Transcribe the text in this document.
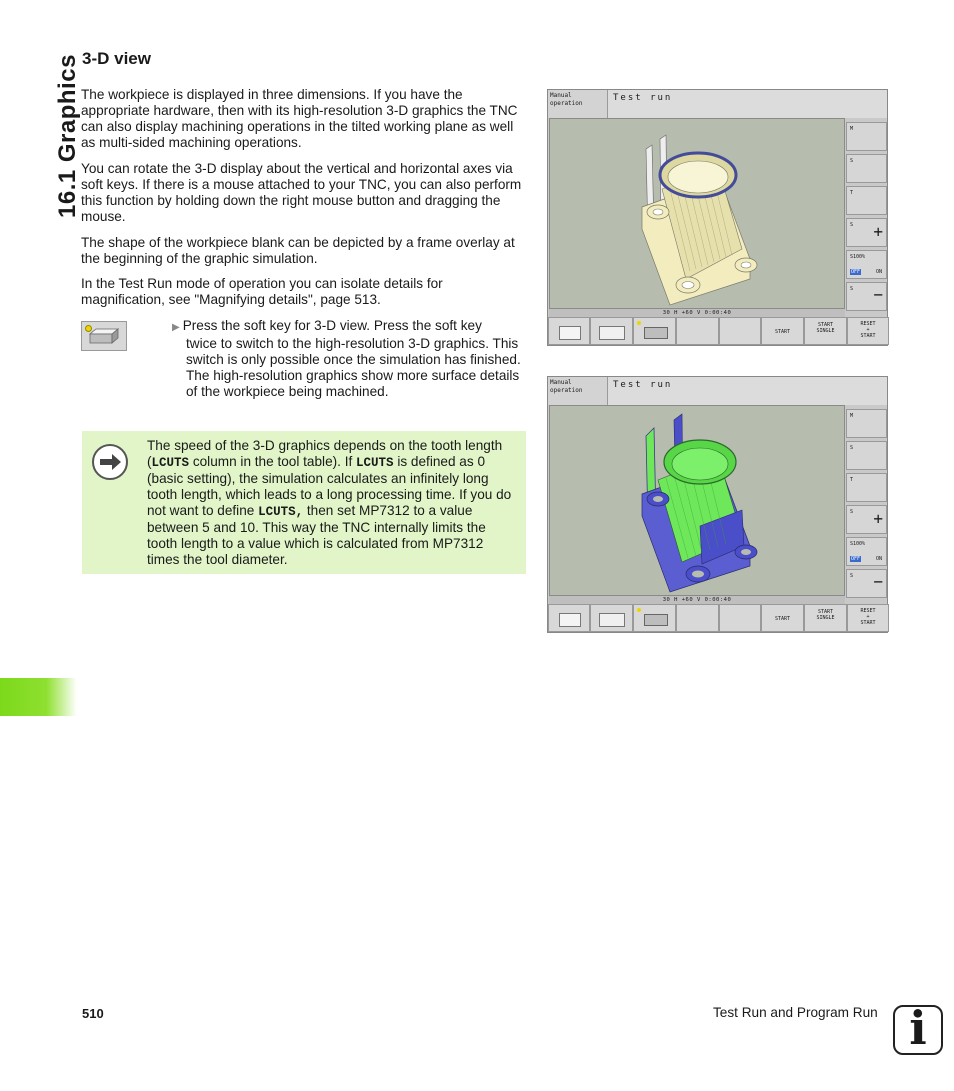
16.1 Graphics 3-D view

The workpiece is displayed in three dimensions. If you have the appropriate hardware, then with its high-resolution 3-D graphics the TNC can also display machining operations in the tilted working plane as well as multi-sided machining operations.

You can rotate the 3-D display about the vertical and horizontal axes via soft keys. If there is a mouse attached to your TNC, you can also perform this function by holding down the right mouse button and dragging the mouse.

The shape of the workpiece blank can be depicted by a frame overlay at the beginning of the graphic simulation.

In the Test Run mode of operation you can isolate details for magnification, see "Magnifying details", page 513.

▶ Press the soft key for 3-D view. Press the soft key
twice to switch to the high-resolution 3-D graphics. This switch is only possible once the simulation has finished. The high-resolution graphics show more surface details of the workpiece being machined.
The speed of the 3-D graphics depends on the tooth length (LCUTS column in the tool table). If LCUTS is defined as 0 (basic setting), the simulation calculates an infinitely long tooth length, which leads to a long processing time. If you do not want to define LCUTS, then set MP7312 to a value between 5 and 10. This way the TNC internally limits the tooth length to a value which is calculated from MP7312 times the tool diameter.
Manual
operation
Test run
30 H +60 V 0:00:40
M
S
T
S +
S100%
OFF	ON
S −
START
START
SINGLE
RESET
+
START
Manual
operation
Test run
30 H +60 V 0:00:40
M
S
T
S +
S100%
OFF	ON
S −
START
START
SINGLE
RESET
+
START
510	Test Run and Program Run i
